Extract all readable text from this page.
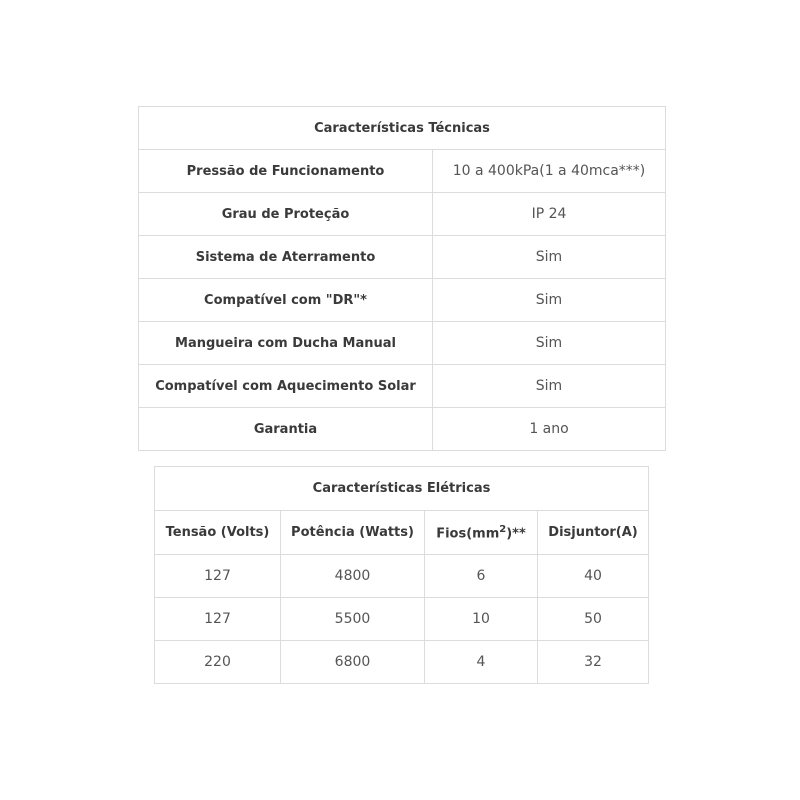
Características Técnicas	
Pressão de Funcionamento	10 a 400kPa(1 a 40mca***)
Grau de Proteção	IP 24
Sistema de Aterramento	Sim
Compatível com "DR"*	Sim
Mangueira com Ducha Manual	Sim
Compatível com Aquecimento Solar	Sim
Garantia	1 ano
Características Elétricas			
Tensão (Volts)	Potência (Watts)	$Fios(mm^2)**$	Disjuntor(A)
127	4800	6	40
127	5500	10	50
220	6800	4	32
